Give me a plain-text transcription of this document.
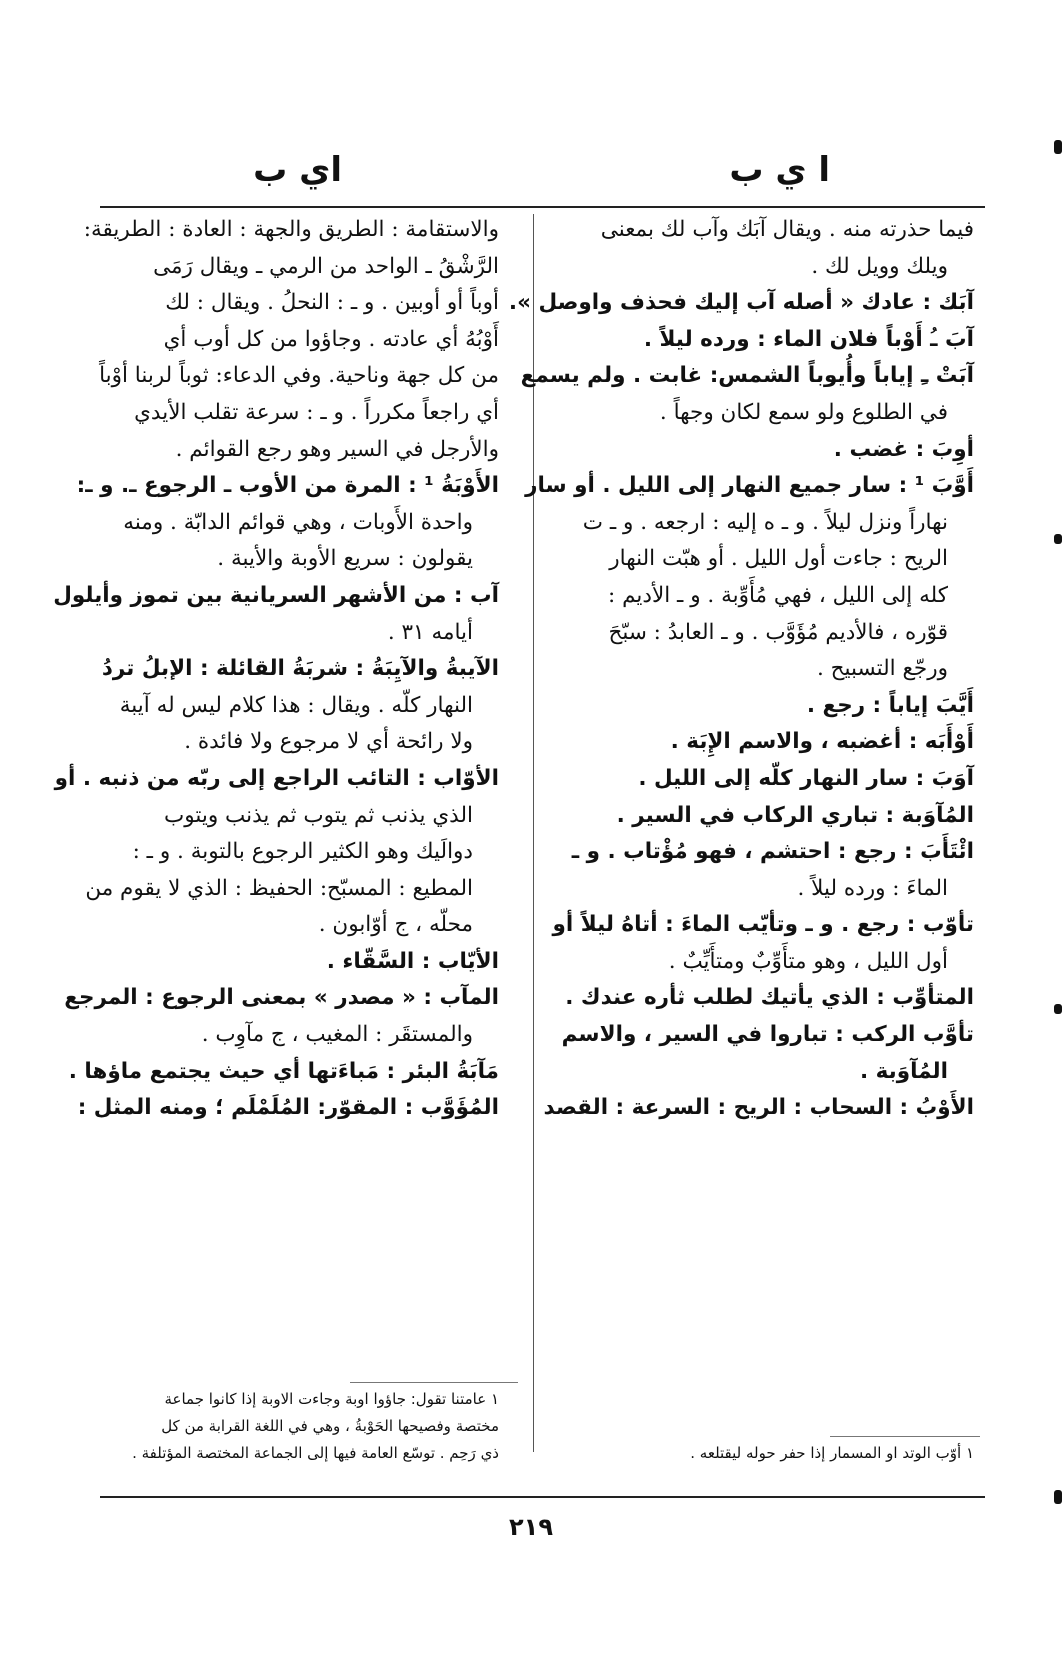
ا ي ب
اي ب
فيما حذرته منه . ويقال آبَك وآب لك بمعنى
ويلك وويل لك .
آبَك : عادك « أصله آب إليك فحذف واوصل ».
آبَ ـُ أَوْباً فلان الماء : ورده ليلاً .
آبَتْ ـِ إياباً وأُيوباً الشمس: غابت . ولم يسمع
في الطلوع ولو سمع لكان وجهاً .
أوِبَ : غضب .
أَوَّبَ ¹ : سار جميع النهار إلى الليل . أو سار
نهاراً ونزل ليلاً . و ـ ه إليه : ارجعه . و ـ ت
الريح : جاءت أول الليل . أو هبّت النهار
كله إلى الليل ، فهي مُأَوِّبة . و ـ الأديم :
قوّره ، فالأديم مُؤَوَّب . و ـ العابدُ : سبّحَ
ورجّع التسبيح .
أَيَّبَ إياباً : رجع .
أَوْأَبَه : أغضبه ، والاسم الإِبَة .
آوَبَ : سار النهار كلّه إلى الليل .
المُآوَبة : تباري الركاب في السير .
ائْتَأَبَ : رجع : احتشم ، فهو مُؤْتاب . و ـ
الماءَ : ورده ليلاً .
تأوّب : رجع . و ـ وتأيّب الماءَ : أتاهُ ليلاً أو
أول الليل ، وهو متأَوِّبٌ ومتأَيِّبٌ .
المتأوِّب : الذي يأتيك لطلب ثأره عندك .
تأوَّب الركب : تباروا في السير ، والاسم
المُآوَبة .
الأَوْبُ : السحاب : الريح : السرعة : القصد
والاستقامة : الطريق والجهة : العادة : الطريقة:
الرَّشْقُ ـ الواحد من الرمي ـ ويقال رَمَى
أوباً أو أوبين . و ـ : النحلُ . ويقال : لك
أَوْبُهُ أي عادته . وجاؤوا من كل أوب أي
من كل جهة وناحية. وفي الدعاء: ثوباً لربنا أوْباً
أي راجعاً مكرراً . و ـ : سرعة تقلب الأيدي
والأرجل في السير وهو رجع القوائم .
الأَوْبَةُ ¹ : المرة من الأوب ـ الرجوع ـ. و ـ:
واحدة الأَوبات ، وهي قوائم الدابّة . ومنه
يقولون : سريع الأوبة والأيبة .
آب : من الأشهر السريانية بين تموز وأيلول
أيامه ٣١ .
الآيبةُ والآيِبَةُ : شربَةُ القائلة : الإبلُ تردُ
النهار كلّه . ويقال : هذا كلام ليس له آيبة
ولا رائحة أي لا مرجوع ولا فائدة .
الأوّاب : التائب الراجع إلى ربّه من ذنبه . أو
الذي يذنب ثم يتوب ثم يذنب ويتوب
دوالَيك وهو الكثير الرجوع بالتوبة . و ـ :
المطيع : المسبّح: الحفيظ : الذي لا يقوم من
محلّه ، ج أوّابون .
الأيّاب : السَّقّاء .
المآب : « مصدر » بمعنى الرجوع : المرجع
والمستقَر : المغيب ، ج مآوِب .
مَآبَةُ البئر : مَباءَتها أي حيث يجتمع ماؤها .
المُؤَوَّب : المقوّر: المُلَمْلَم ؛ ومنه المثل :
١ عامتنا تقول: جاؤوا اوبة وجاءت الاوبة إذا كانوا جماعة
مختصة وفصيحها الحَوْبةُ ، وهي في اللغة القرابة من كل
ذي رَحِم . توسّع العامة فيها إلى الجماعة المختصة المؤتلفة .	١ أوّب الوتد او المسمار إذا حفر حوله ليقتلعه .
٢١٩
